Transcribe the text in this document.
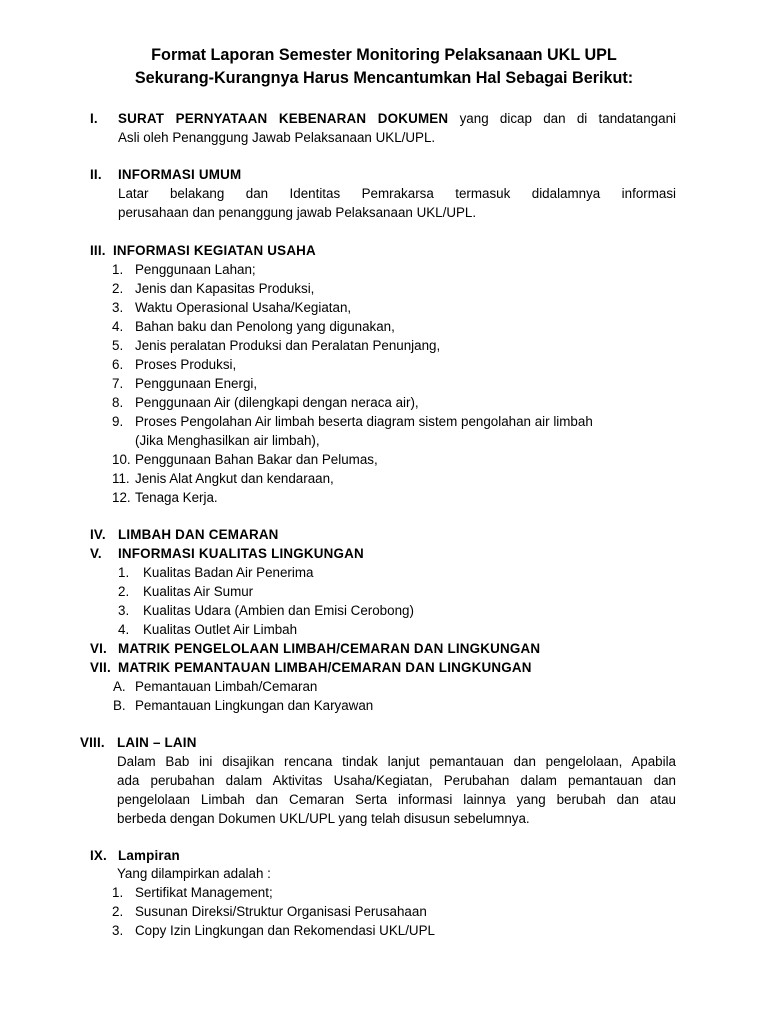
Format Laporan Semester Monitoring Pelaksanaan UKL UPL
Sekurang-Kurangnya Harus Mencantumkan Hal Sebagai Berikut:
I. SURAT PERNYATAAN KEBENARAN DOKUMEN yang dicap dan di tandatangani
Asli oleh Penanggung Jawab Pelaksanaan UKL/UPL.
II. INFORMASI UMUM
Latar belakang dan Identitas Pemrakarsa termasuk didalamnya informasi
perusahaan dan penanggung jawab Pelaksanaan UKL/UPL.
III. INFORMASI KEGIATAN USAHA
1. Penggunaan Lahan;
2. Jenis dan Kapasitas Produksi,
3. Waktu Operasional Usaha/Kegiatan,
4. Bahan baku dan Penolong yang digunakan,
5. Jenis peralatan Produksi dan Peralatan Penunjang,
6. Proses Produksi,
7. Penggunaan Energi,
8. Penggunaan Air (dilengkapi dengan neraca air),
9. Proses Pengolahan Air limbah beserta diagram sistem pengolahan air limbah
(Jika Menghasilkan air limbah),
10. Penggunaan Bahan Bakar dan Pelumas,
11. Jenis Alat Angkut dan kendaraan,
12. Tenaga Kerja.
IV. LIMBAH DAN CEMARAN
V. INFORMASI KUALITAS LINGKUNGAN
1. Kualitas Badan Air Penerima
2. Kualitas Air Sumur
3. Kualitas Udara (Ambien dan Emisi Cerobong)
4. Kualitas Outlet Air Limbah
VI. MATRIK PENGELOLAAN LIMBAH/CEMARAN DAN LINGKUNGAN
VII. MATRIK PEMANTAUAN LIMBAH/CEMARAN DAN LINGKUNGAN
A. Pemantauan Limbah/Cemaran
B. Pemantauan Lingkungan dan Karyawan
VIII. LAIN – LAIN
Dalam Bab ini disajikan rencana tindak lanjut pemantauan dan pengelolaan, Apabila
ada perubahan dalam Aktivitas Usaha/Kegiatan, Perubahan dalam pemantauan dan
pengelolaan Limbah dan Cemaran Serta informasi lainnya yang berubah dan atau
berbeda dengan Dokumen UKL/UPL yang telah disusun sebelumnya.
IX. Lampiran
Yang dilampirkan adalah :
1. Sertifikat Management;
2. Susunan Direksi/Struktur Organisasi Perusahaan
3. Copy Izin Lingkungan dan Rekomendasi UKL/UPL
